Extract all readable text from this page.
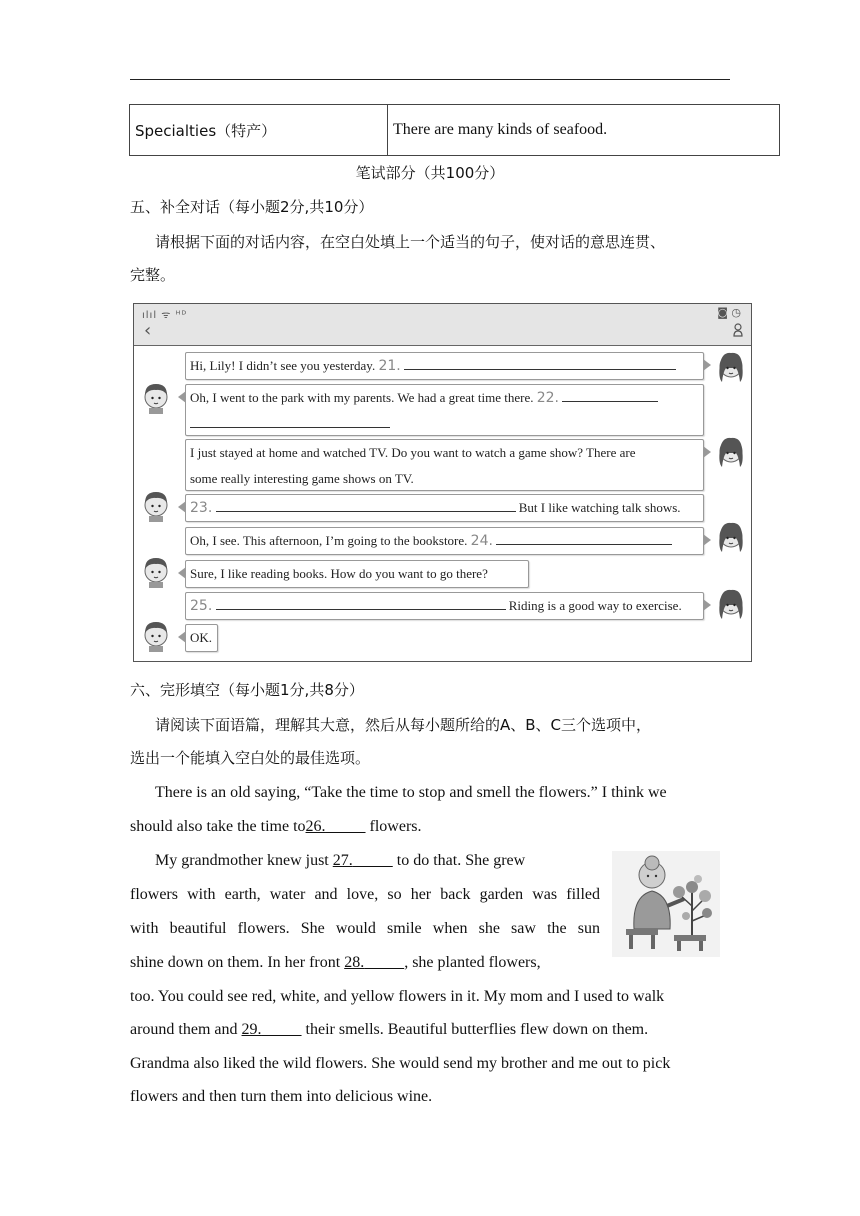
Specialties（特产）	There are many kinds of seafood.
笔试部分（共100分）
五、补全对话（每小题2分,共10分）
请根据下面的对话内容，在空白处填上一个适当的句子，使对话的意思连贯、
完整。
ılıl ᯤ ᴴᴰ	◙ ◷
‹
Hi, Lily! I didn’t see you yesterday. 21.
Oh, I went to the park with my parents. We had a great time there. 22.
I just stayed at home and watched TV. Do you want to watch a game show? There are
some really interesting game shows on TV.
23.	But I like watching talk shows.
Oh, I see. This afternoon, I’m going to the bookstore. 24.
Sure, I like reading books. How do you want to go there?
25.	Riding is a good way to exercise.
OK.
六、完形填空（每小题1分,共8分）
请阅读下面语篇，理解其大意，然后从每小题所给的A、B、C三个选项中，
选出一个能填入空白处的最佳选项。
There is an old saying, “Take the time to stop and smell the flowers.” I think we
should also take the time to26.   	flowers.
My grandmother knew just 27.   	to do that. She grew
flowers with earth, water and love, so her back garden was filled
with beautiful flowers. She would smile when she saw the sun
shine down on them. In her front 28.   	, she planted flowers,
too. You could see red, white, and yellow flowers in it. My mom and I used to walk
around them and 29.   	their smells. Beautiful butterflies flew down on them.
Grandma also liked the wild flowers. She would send my brother and me out to pick
flowers and then turn them into delicious wine.
